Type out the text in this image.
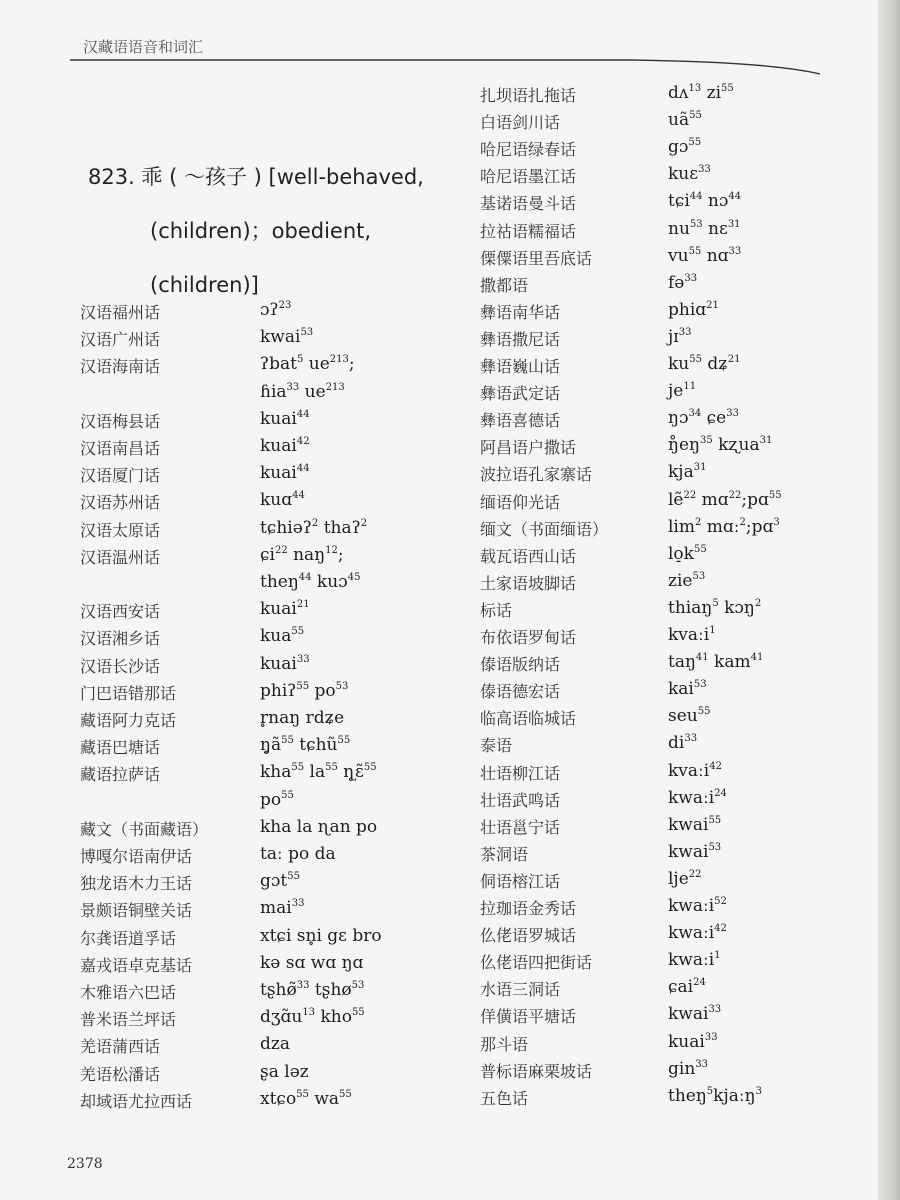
汉藏语语音和词汇
823. 乖 ( ～孩子 ) [well-behaved,
(children)；obedient,
(children)]
汉语福州话	ɔʔ$^{23}$
汉语广州话	kwai$^{53}$
汉语海南话	ʔbat$^5$ $ue^{213}$;
ɦia$^{33}$ $ue^{213}$
汉语梅县话	kuai$^{44}$
汉语南昌话	kuai$^{42}$
汉语厦门话	kuai$^{44}$
汉语苏州话	kuɑ$^{44}$
汉语太原话	tɕhiəʔ$^2$ thaʔ$^2$
汉语温州话	ɕi$^{22}$ naŋ$^{12}$;
theŋ$^{44}$ kuɔ$^{45}$
汉语西安话	kuai$^{21}$
汉语湘乡话	kua$^{55}$
汉语长沙话	kuai$^{33}$
门巴语错那话	phiʔ$^{55}$ $po^{53}$
藏语阿力克话	r̥naŋ rdʑe
藏语巴塘话	$ŋ̥ã^{55}$ tɕhũ$^{55}$
藏语拉萨话	kha$^{55}$ $la^{55}$ ɳ̥ɛ̃$^{55}$
$po^{55}$
藏文（书面藏语）	kha la ɳan po
博嘎尔语南伊话	taː po da
独龙语木力王话	gɔt$^{55}$
景颇语铜壁关话	mai$^{33}$
尔龚语道孚话	xtɕi sn̥i gɛ bro
嘉戎语卓克基话	kə sɑ wɑ ŋɑ
木雅语六巴话	tʂhø̃$^{33}$ tʂhø$^{53}$
普米语兰坪话	$dʒɑ̃u^{13}$ kho$^{55}$
羌语蒲西话	dza
羌语松潘话	ʂa ləz
却域语尤拉西话	xtɕo$^{55}$ $wa^{55}$
扎坝语扎拖话	dʌ$^{13}$ $zi^{55}$
白语剑川话	$uã^{55}$
哈尼语绿春话	gɔ$^{55}$
哈尼语墨江话	kuɛ$^{33}$
基诺语曼斗话	tɕi$^{44}$ nɔ$^{44}$
拉祜语糯福话	$nu^{53}$ nɛ$^{31}$
傈僳语里吾底话	$vu^{55}$ nɑ$^{33}$
撒都语	fə$^{33}$
彝语南华话	phiɑ$^{21}$
彝语撒尼话	jɪ$^{33}$
彝语巍山话	$ku^{55}$ dʑ$^{21}$
彝语武定话	$je^{11}$
彝语喜德话	ŋɔ$^{34}$ ɕe$^{33}$
阿昌语户撒话	$ŋ̊eŋ^{35}$ kʐua$^{31}$
波拉语孔家寨话	kja$^{31}$
缅语仰光话	lẽ$^{22}$ mɑ$^{22}$;pɑ$^{55}$
缅文（书面缅语）	$\lim^2$ mɑː$^2$;pɑ$^3$
载瓦语西山话	$lo̠k^{55}$
土家语坡脚话	zie$^{53}$
标话	thiaŋ$^5$ kɔŋ$^2$
布依语罗甸话	kvaːi$^1$
傣语版纳话	taŋ$^{41}$ kam$^{41}$
傣语德宏话	kai$^{53}$
临高语临城话	seu$^{55}$
泰语	$di^{33}$
壮语柳江话	kvaːi$^{42}$
壮语武鸣话	kwaːi$^{24}$
壮语邕宁话	kwai$^{55}$
茶洞语	kwai$^{53}$
侗语榕江话	lje$^{22}$
拉珈语金秀话	kwaːi$^{52}$
仫佬语罗城话	kwaːi$^{42}$
仫佬语四把街话	kwaːi$^1$
水语三洞话	ɕai$^{24}$
佯僙语平塘话	kwai$^{33}$
那斗语	kuai$^{33}$
普标语麻栗坡话	gin$^{33}$
五色话	theŋ$^5$kjaːŋ$^3$
2378
